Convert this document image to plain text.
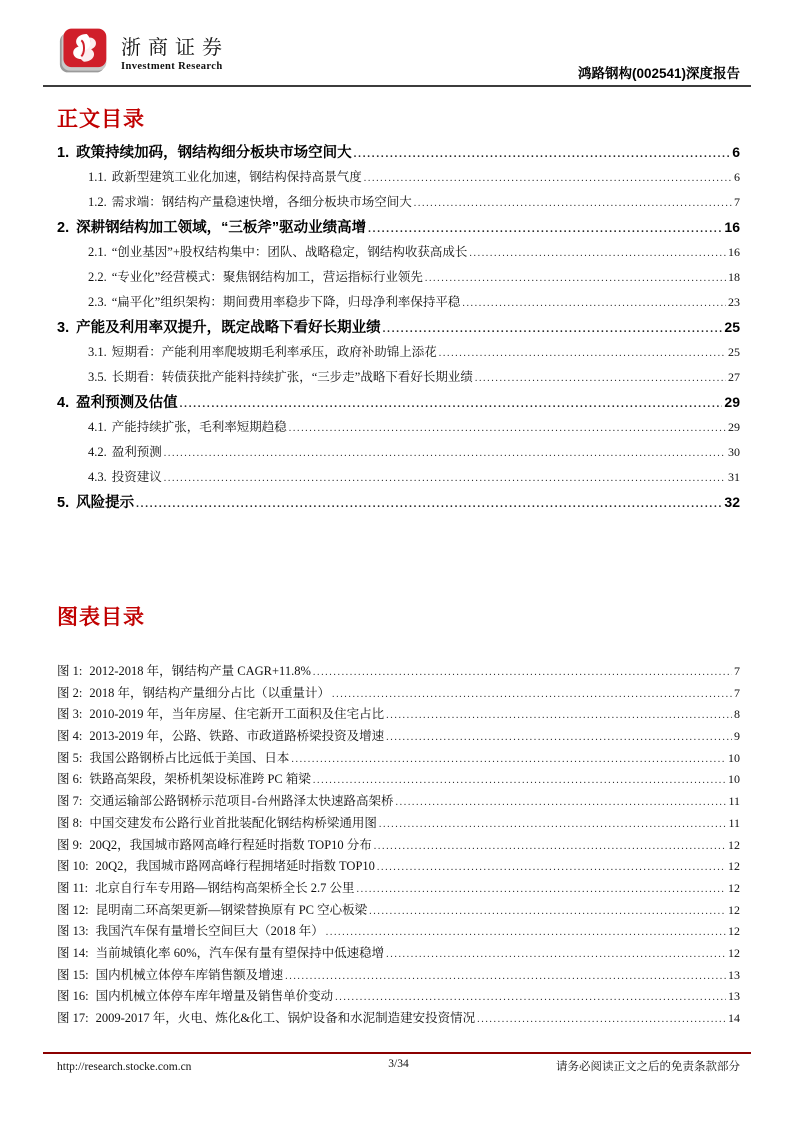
浙商证券
Investment Research	鸿路钢构(002541)深度报告
正文目录
1. 政策持续加码，钢结构细分板块市场空间大 .....	6
1.1. 政新型建筑工业化加速，钢结构保持高景气度 .....	6
1.2. 需求端：钢结构产量稳速快增，各细分板块市场空间大 .....	7
2. 深耕钢结构加工领域，“三板斧”驱动业绩高增 .....	16
2.1. “创业基因”+股权结构集中：团队、战略稳定，钢结构收获高成长 .....	16
2.2. “专业化”经营模式：聚焦钢结构加工，营运指标行业领先 .....	18
2.3. “扁平化”组织架构：期间费用率稳步下降，归母净利率保持平稳 .....	23
3. 产能及利用率双提升，既定战略下看好长期业绩 .....	25
3.1. 短期看：产能利用率爬坡期毛利率承压，政府补助锦上添花 .....	25
3.5. 长期看：转债获批产能料持续扩张，“三步走”战略下看好长期业绩 .....	27
4. 盈利预测及估值 .....	29
4.1. 产能持续扩张，毛利率短期趋稳 .....	29
4.2. 盈利预测 .....	30
4.3. 投资建议 .....	31
5. 风险提示 .....	32
图表目录
图 1: 2012-2018 年，钢结构产量 CAGR+11.8% .....	7
图 2: 2018 年，钢结构产量细分占比（以重量计） .....	7
图 3: 2010-2019 年，当年房屋、住宅新开工面积及住宅占比 .....	8
图 4: 2013-2019 年，公路、铁路、市政道路桥梁投资及增速 .....	9
图 5: 我国公路钢桥占比远低于美国、日本 .....	10
图 6: 铁路高架段，架桥机架设标准跨 PC 箱梁 .....	10
图 7: 交通运输部公路钢桥示范项目-台州路泽太快速路高架桥 .....	11
图 8: 中国交建发布公路行业首批装配化钢结构桥梁通用图 .....	11
图 9: 20Q2，我国城市路网高峰行程延时指数 TOP10 分布 .....	12
图 10: 20Q2，我国城市路网高峰行程拥堵延时指数 TOP10 .....	12
图 11: 北京自行车专用路—钢结构高架桥全长 2.7 公里 .....	12
图 12: 昆明南二环高架更新—钢梁替换原有 PC 空心板梁 .....	12
图 13: 我国汽车保有量增长空间巨大（2018 年） .....	12
图 14: 当前城镇化率 60%，汽车保有量有望保持中低速稳增 .....	12
图 15: 国内机械立体停车库销售额及增速 .....	13
图 16: 国内机械立体停车库年增量及销售单价变动 .....	13
图 17: 2009-2017 年，火电、炼化&化工、锅炉设备和水泥制造建安投资情况 .....	14
3/34
http://research.stocke.com.cn	请务必阅读正文之后的免责条款部分
